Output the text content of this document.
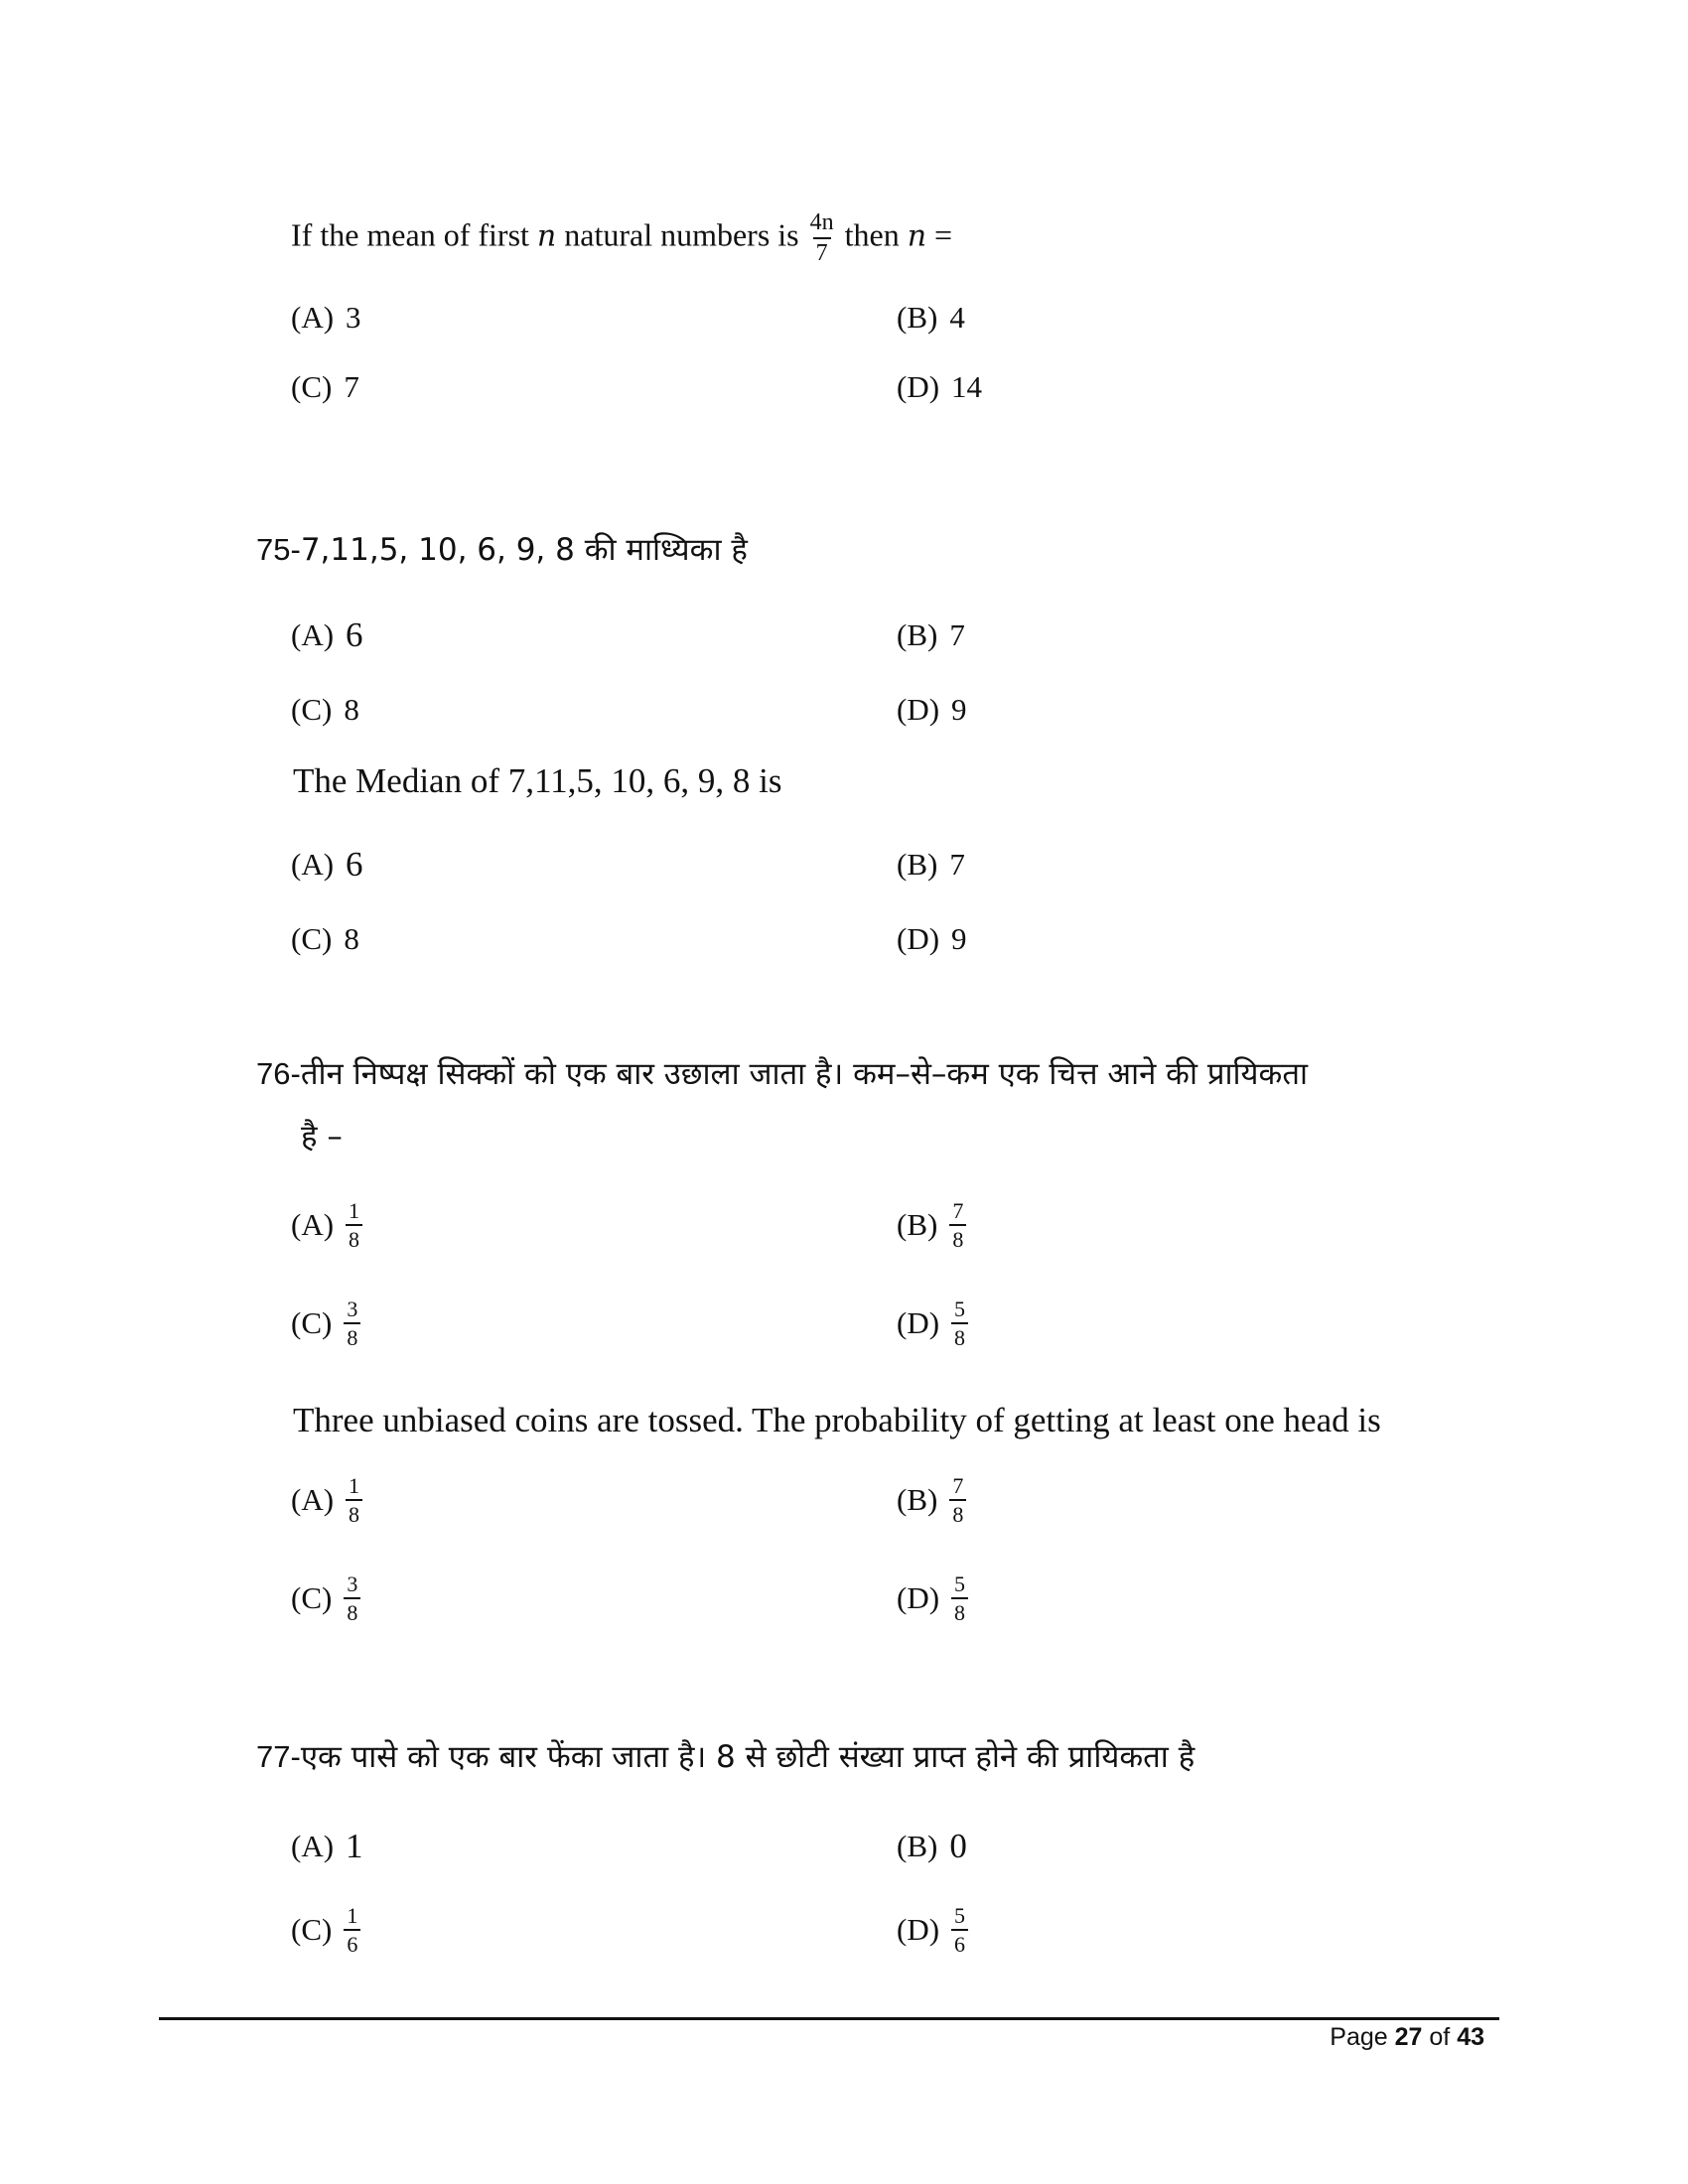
If the mean of first n natural numbers is $\frac{4n}{7}$ then n =
(A) 3	(B) 4
(C) 7	(D) 14
75-7,11,5, 10, 6, 9, 8 की माध्यिका है
(A) 6	(B) 7
(C) 8	(D) 9
The Median of 7,11,5, 10, 6, 9, 8 is
(A) 6	(B) 7
(C) 8	(D) 9
76-तीन निष्पक्ष सिक्कों को एक बार उछाला जाता है। कम–से–कम एक चित्त आने की प्रायिकता
है –
$(A) \frac{1}{8}$	$(B) \frac{7}{8}$
$(C) \frac{3}{8}$	$(D) \frac{5}{8}$
Three unbiased coins are tossed. The probability of getting at least one head is
$(A) \frac{1}{8}$	$(B) \frac{7}{8}$
$(C) \frac{3}{8}$	$(D) \frac{5}{8}$
77-एक पासे को एक बार फेंका जाता है। 8 से छोटी संख्या प्राप्त होने की प्रायिकता है
(A) 1	(B) 0
$(C) \frac{1}{6}$	$(D) \frac{5}{6}$
Page 27 of 43
